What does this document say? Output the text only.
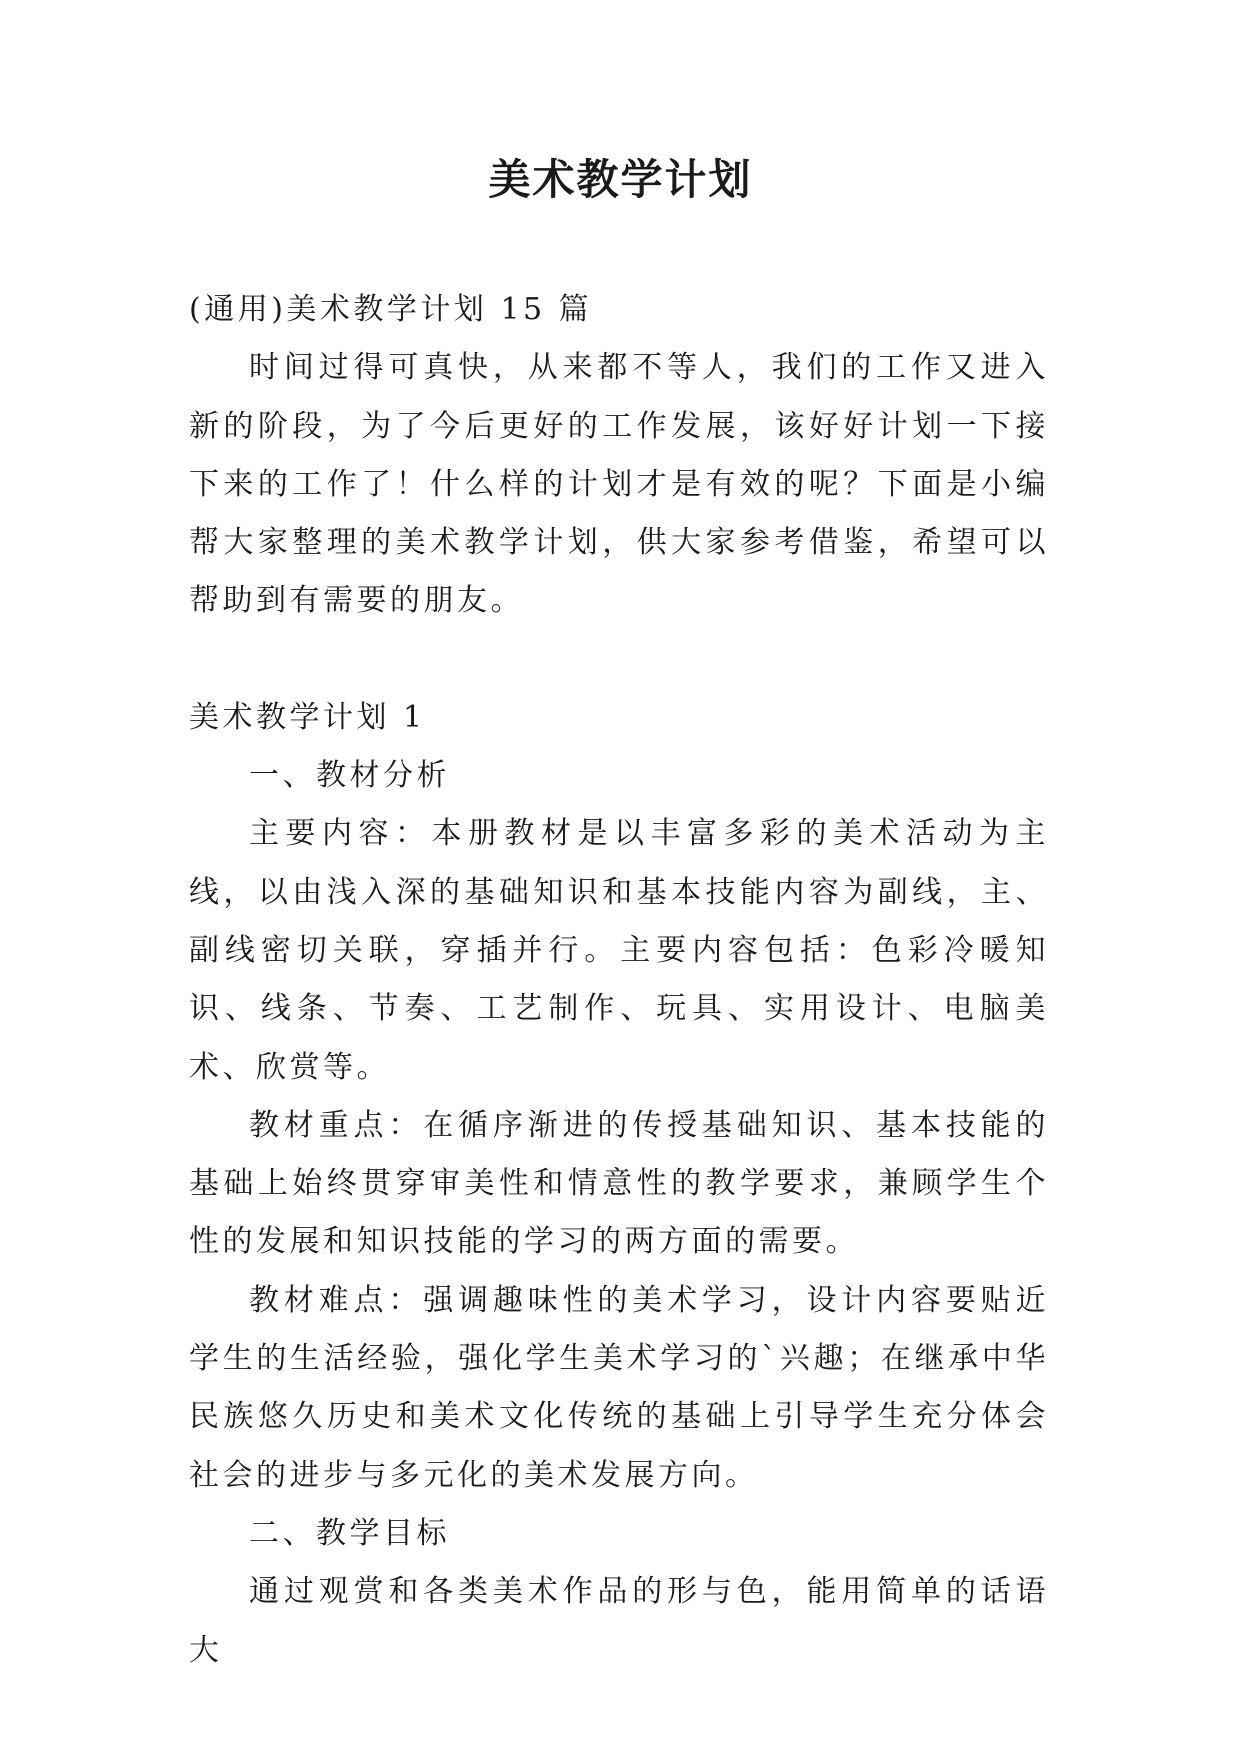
美术教学计划

(通用)美术教学计划 15 篇

时间过得可真快，从来都不等人，我们的工作又进入新的阶段，为了今后更好的工作发展，该好好计划一下接下来的工作了！什么样的计划才是有效的呢？下面是小编帮大家整理的美术教学计划，供大家参考借鉴，希望可以帮助到有需要的朋友。

美术教学计划 1

一、教材分析

主要内容：本册教材是以丰富多彩的美术活动为主线，以由浅入深的基础知识和基本技能内容为副线，主、副线密切关联，穿插并行。主要内容包括：色彩冷暖知识、线条、节奏、工艺制作、玩具、实用设计、电脑美术、欣赏等。

教材重点：在循序渐进的传授基础知识、基本技能的基础上始终贯穿审美性和情意性的教学要求，兼顾学生个性的发展和知识技能的学习的两方面的需要。

教材难点：强调趣味性的美术学习，设计内容要贴近学生的生活经验，强化学生美术学习的`兴趣；在继承中华民族悠久历史和美术文化传统的基础上引导学生充分体会社会的进步与多元化的美术发展方向。

二、教学目标

通过观赏和各类美术作品的形与色，能用简单的话语大
